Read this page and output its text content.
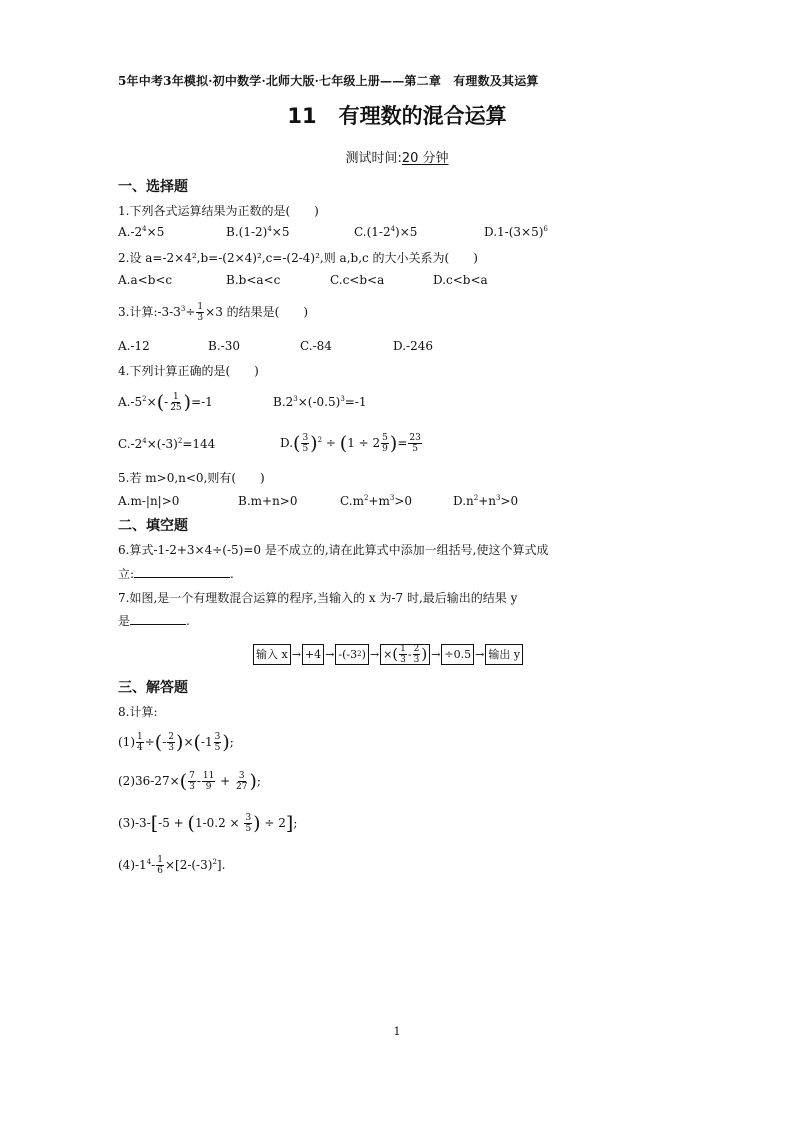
5年中考3年模拟·初中数学·北师大版·七年级上册——第二章　有理数及其运算
11 有理数的混合运算
测试时间:20 分钟
一、选择题
1.下列各式运算结果为正数的是(　　)
$A.-2^4\times 5$	$B.(1-2)^4\times 5$	$C.(1-2^4)\times 5$	$D.1-(3\times 5)^6$
2.设 a=-2×4²,b=-(2×4)²,c=-(2-4)²,则 a,b,c 的大小关系为(　　)
A.a<b<c	B.b<a<c	C.c<b<a	D.c<b<a
3.计算$:-3-3^3\div \frac{1}{3} \times 3$ 的结果是(　　)
A.-12	B.-30	C.-84	D.-246
4.下列计算正确的是(　　)
$A.-5^2\times(- \frac{1}{25} )=-1$	$B.2^3\times(-0.5)^3=-1$
$C.-2^4\times(-3)^2=144$	$D.( \frac{3}{5} )^2 \div (1 \div 2 \frac{5}{9}$ )= $\frac{23}{5}$
5.若 m>0,n<0,则有(　　)
A.m-|n|>0	B.m+n>0	$C.m^2+m^3>0$	$D.n^2+n^3>0$
二、填空题
6.算式-1-2+3×4÷(-5)=0 是不成立的,请在此算式中添加一组括号,使这个算式成
立:	.
7.如图,是一个有理数混合运算的程序,当输入的 x 为-7 时,最后输出的结果 y
是	.
输入 x → +4 → -(-3 2 ) → × ( $\frac{1}{3} - \frac{2}{3}$ ) → ÷0.5 → 输出 y
三、解答题
8.计算:
$(1) \frac{1}{4}$ ÷(- $\frac{2}{3} )\times(-1 \frac{3}{5}$ );
$(2)36-27\times( \frac{7}{3} - \frac{11}{9} + \frac{3}{27}$ );
$(3)-3-[-5 + (1-0.2 \times \frac{3}{5}$ ) ÷ 2];
$(4)-1^4- \frac{1}{6} \times[2-(-3)^2]$.
1
